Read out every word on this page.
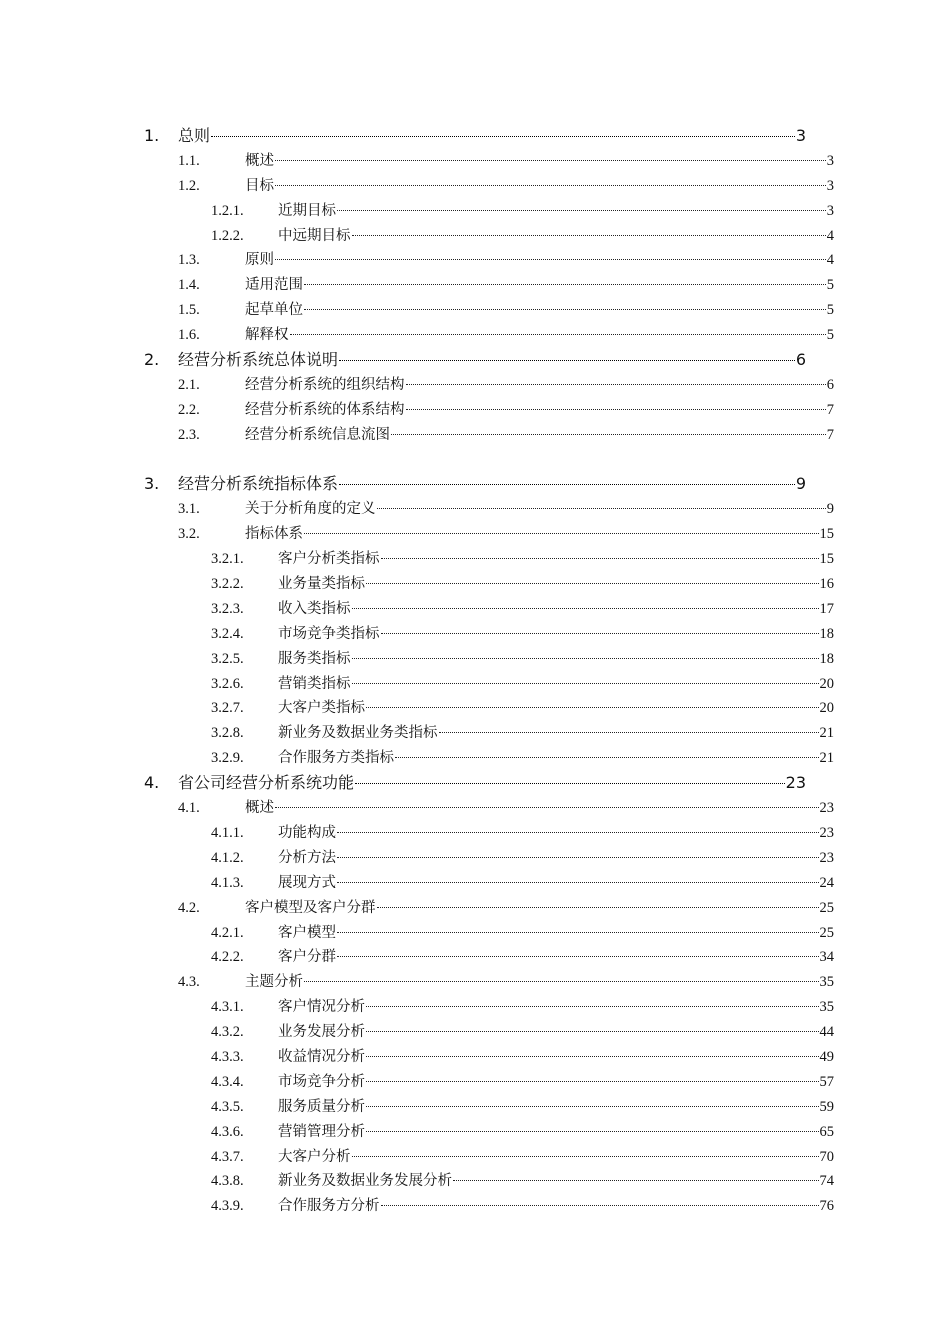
1.	总则	3
1.1.	概述	3
1.2.	目标	3
1.2.1.	近期目标	3
1.2.2.	中远期目标	4
1.3.	原则	4
1.4.	适用范围	5
1.5.	起草单位	5
1.6.	解释权	5
2.	经营分析系统总体说明	6
2.1.	经营分析系统的组织结构	6
2.2.	经营分析系统的体系结构	7
2.3.	经营分析系统信息流图	7
3.	经营分析系统指标体系	9
3.1.	关于分析角度的定义	9
3.2.	指标体系	15
3.2.1.	客户分析类指标	15
3.2.2.	业务量类指标	16
3.2.3.	收入类指标	17
3.2.4.	市场竞争类指标	18
3.2.5.	服务类指标	18
3.2.6.	营销类指标	20
3.2.7.	大客户类指标	20
3.2.8.	新业务及数据业务类指标	21
3.2.9.	合作服务方类指标	21
4.	省公司经营分析系统功能	23
4.1.	概述	23
4.1.1.	功能构成	23
4.1.2.	分析方法	23
4.1.3.	展现方式	24
4.2.	客户模型及客户分群	25
4.2.1.	客户模型	25
4.2.2.	客户分群	34
4.3.	主题分析	35
4.3.1.	客户情况分析	35
4.3.2.	业务发展分析	44
4.3.3.	收益情况分析	49
4.3.4.	市场竞争分析	57
4.3.5.	服务质量分析	59
4.3.6.	营销管理分析	65
4.3.7.	大客户分析	70
4.3.8.	新业务及数据业务发展分析	74
4.3.9.	合作服务方分析	76
